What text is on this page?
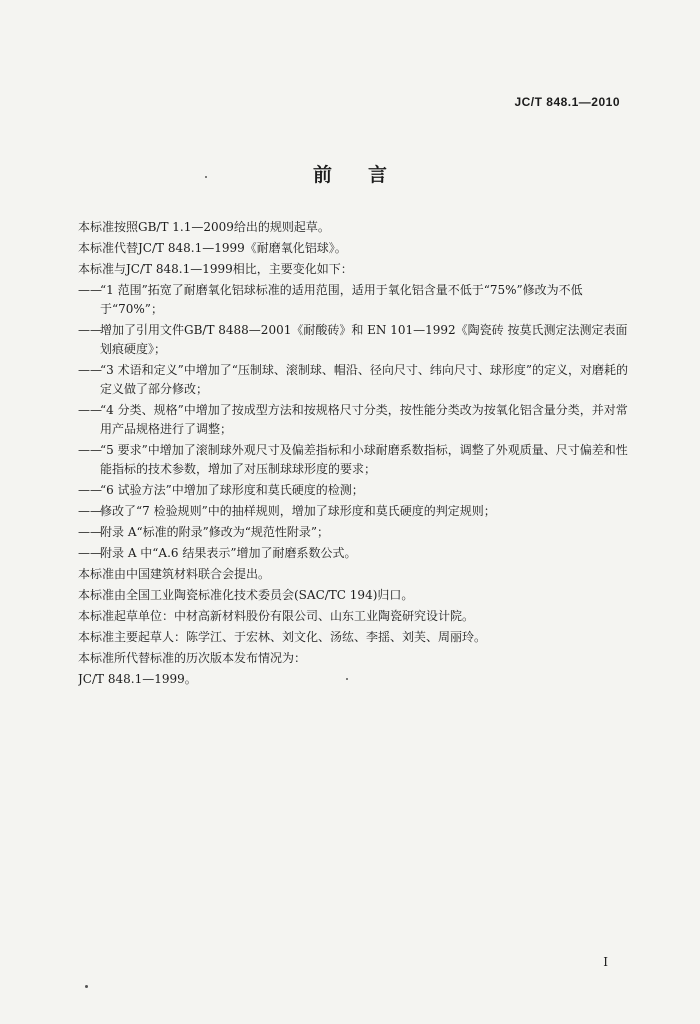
JC/T 848.1—2010
前 言

本标准按照GB/T 1.1—2009给出的规则起草。

本标准代替JC/T 848.1—1999《耐磨氧化铝球》。

本标准与JC/T 848.1—1999相比，主要变化如下：

——“1 范围”拓宽了耐磨氧化铝球标准的适用范围，适用于氧化铝含量不低于“75%”修改为不低于“70%”；

——增加了引用文件GB/T 8488—2001《耐酸砖》和 EN 101—1992《陶瓷砖 按莫氏测定法测定表面划痕硬度》；

——“3 术语和定义”中增加了“压制球、滚制球、帽沿、径向尺寸、纬向尺寸、球形度”的定义，对磨耗的定义做了部分修改；

——“4 分类、规格”中增加了按成型方法和按规格尺寸分类，按性能分类改为按氧化铝含量分类，并对常用产品规格进行了调整；

——“5 要求”中增加了滚制球外观尺寸及偏差指标和小球耐磨系数指标，调整了外观质量、尺寸偏差和性能指标的技术参数，增加了对压制球球形度的要求；

——“6 试验方法”中增加了球形度和莫氏硬度的检测；

——修改了“7 检验规则”中的抽样规则，增加了球形度和莫氏硬度的判定规则；

——附录 A“标准的附录”修改为“规范性附录”；

——附录 A 中“A.6 结果表示”增加了耐磨系数公式。

本标准由中国建筑材料联合会提出。

本标准由全国工业陶瓷标准化技术委员会(SAC/TC 194)归口。

本标准起草单位：中材高新材料股份有限公司、山东工业陶瓷研究设计院。

本标准主要起草人：陈学江、于宏林、刘文化、汤纮、李揺、刘芙、周丽玲。

本标准所代替标准的历次版本发布情况为：

JC/T 848.1—1999。

I
